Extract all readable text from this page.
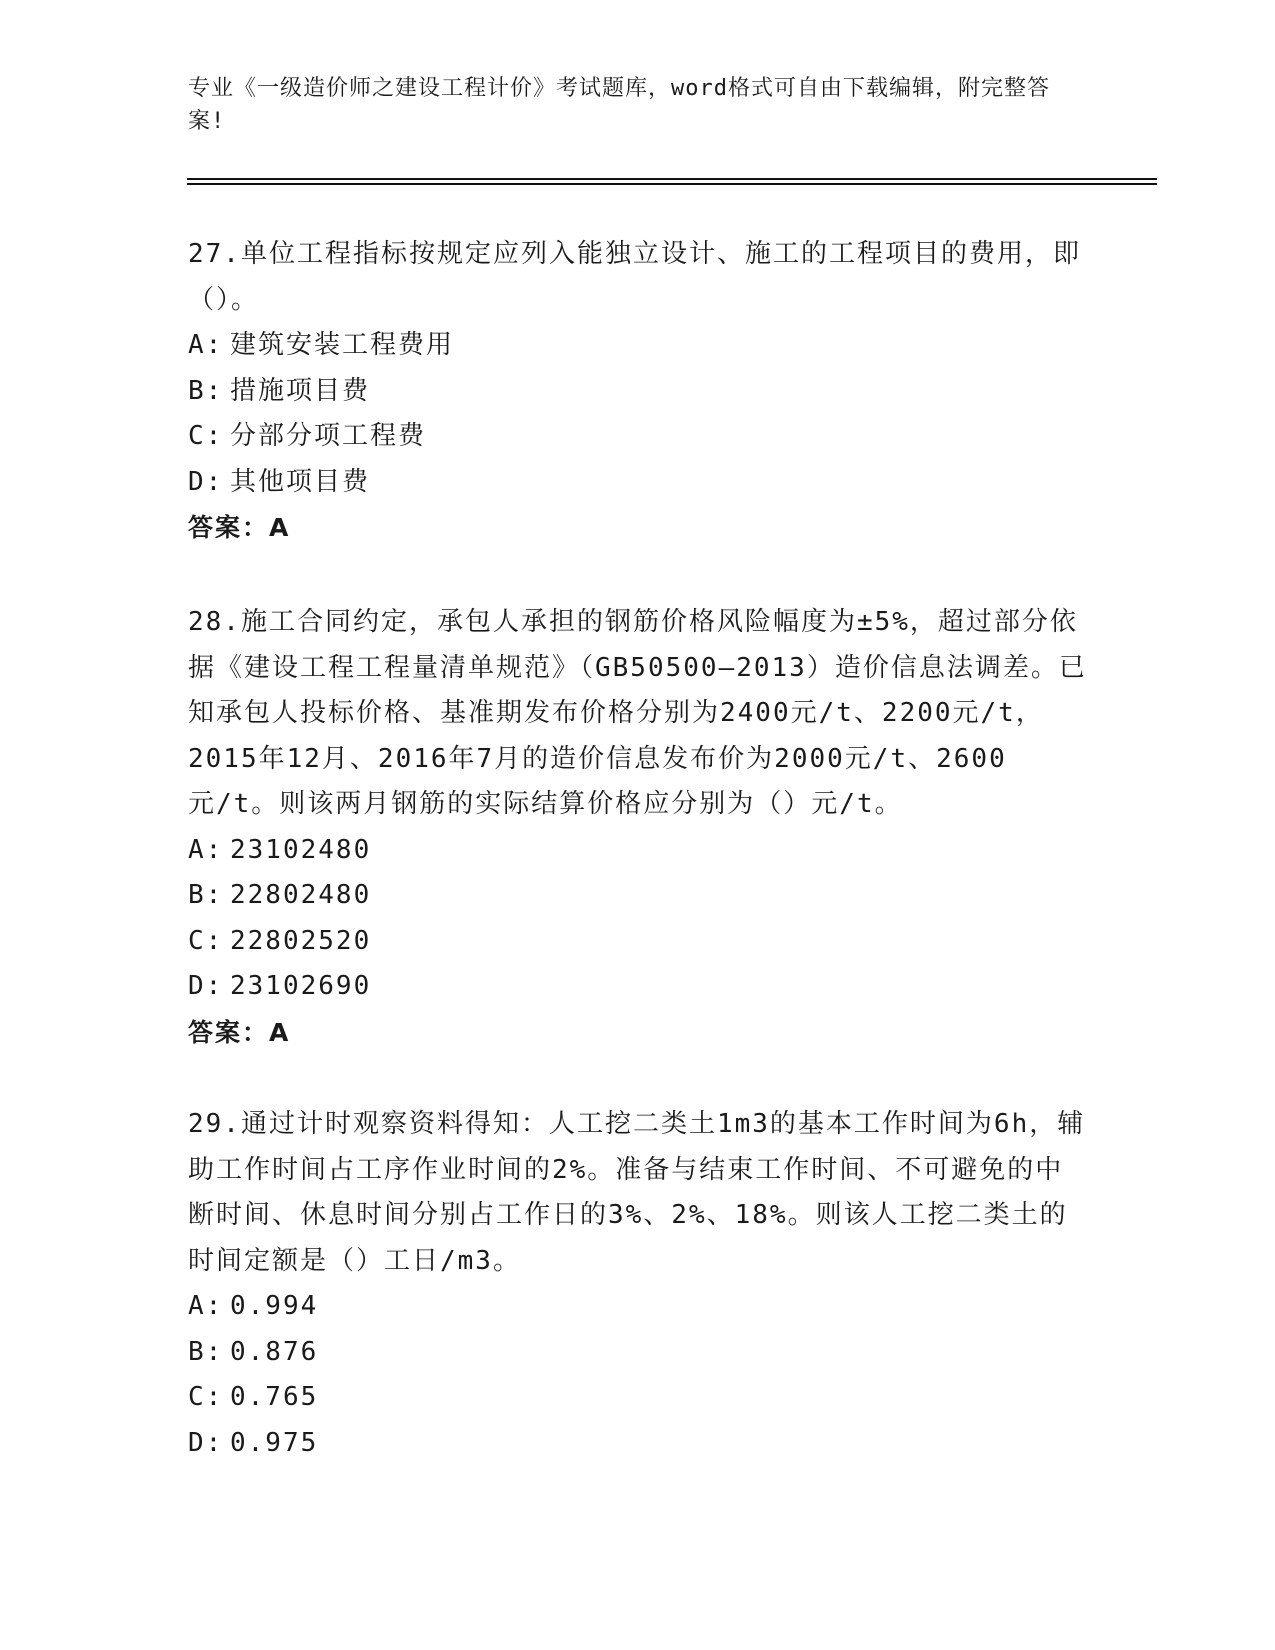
专业《一级造价师之建设工程计价》考试题库，word格式可自由下载编辑，附完整答案!

27.单位工程指标按规定应列入能独立设计、施工的工程项目的费用，即（）。

A: 建筑安装工程费用

B: 措施项目费

C: 分部分项工程费

D: 其他项目费

答案：A

28.施工合同约定，承包人承担的钢筋价格风险幅度为±5%，超过部分依据《建设工程工程量清单规范》（GB50500—2013）造价信息法调差。已知承包人投标价格、基准期发布价格分别为2400元/t、2200元/t，2015年12月、2016年7月的造价信息发布价为2000元/t、2600元/t。则该两月钢筋的实际结算价格应分别为（）元/t。

A: 23102480

B: 22802480

C: 22802520

D: 23102690

答案：A

29.通过计时观察资料得知：人工挖二类土1m3的基本工作时间为6h，辅助工作时间占工序作业时间的2%。准备与结束工作时间、不可避免的中断时间、休息时间分别占工作日的3%、2%、18%。则该人工挖二类土的时间定额是（）工日/m3。

A: 0.994

B: 0.876

C: 0.765

D: 0.975
